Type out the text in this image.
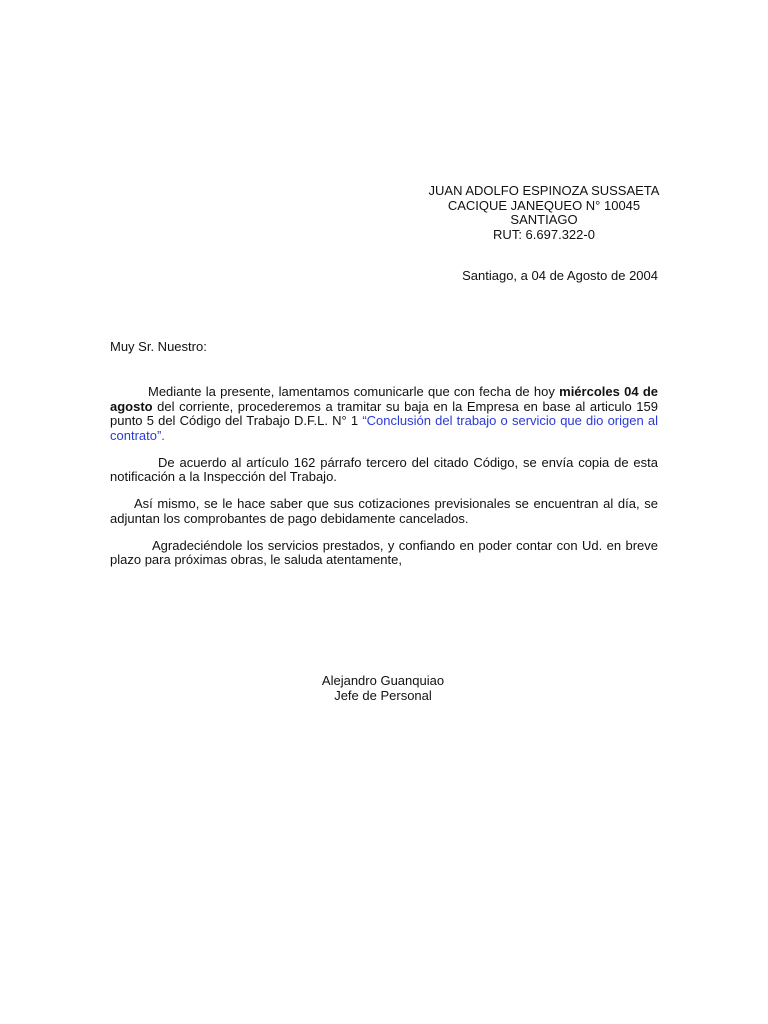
JUAN ADOLFO ESPINOZA SUSSAETA
CACIQUE JANEQUEO N° 10045
SANTIAGO
RUT: 6.697.322-0
Santiago, a 04 de Agosto de 2004
Muy Sr. Nuestro:

Mediante la presente, lamentamos comunicarle que con fecha de hoy miércoles 04 de agosto del corriente, procederemos a tramitar su baja en la Empresa en base al articulo 159 punto 5 del Código del Trabajo D.F.L. N° 1 “Conclusión del trabajo o servicio que dio origen al contrato”.

De acuerdo al artículo 162 párrafo tercero del citado Código, se envía copia de esta notificación a la Inspección del Trabajo.

Así mismo, se le hace saber que sus cotizaciones previsionales se encuentran al día, se adjuntan los comprobantes de pago debidamente cancelados.

Agradeciéndole los servicios prestados, y confiando en poder contar con Ud. en breve plazo para próximas obras, le saluda atentamente,

Alejandro Guanquiao
Jefe de Personal
